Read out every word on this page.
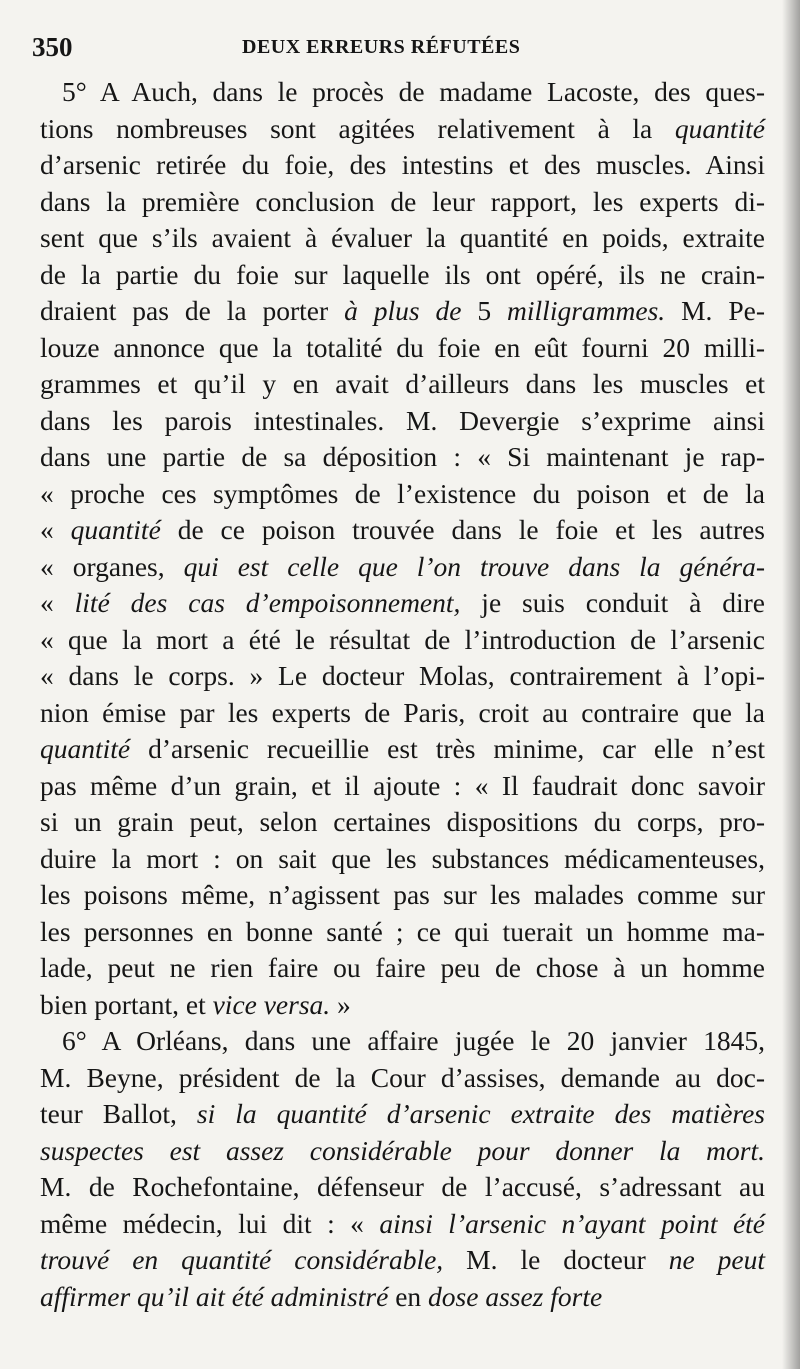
350	DEUX ERREURS RÉFUTÉES
5° A Auch, dans le procès de madame Lacoste, des ques-
tions nombreuses sont agitées relativement à la quantité
d’arsenic retirée du foie, des intestins et des muscles. Ainsi
dans la première conclusion de leur rapport, les experts di-
sent que s’ils avaient à évaluer la quantité en poids, extraite
de la partie du foie sur laquelle ils ont opéré, ils ne crain-
draient pas de la porter à plus de 5 milligrammes. M. Pe-
louze annonce que la totalité du foie en eût fourni 20 milli-
grammes et qu’il y en avait d’ailleurs dans les muscles et
dans les parois intestinales. M. Devergie s’exprime ainsi
dans une partie de sa déposition : « Si maintenant je rap-
« proche ces symptômes de l’existence du poison et de la
« quantité de ce poison trouvée dans le foie et les autres
« organes, qui est celle que l’on trouve dans la généra-
« lité des cas d’empoisonnement, je suis conduit à dire
« que la mort a été le résultat de l’introduction de l’arsenic
« dans le corps. » Le docteur Molas, contrairement à l’opi-
nion émise par les experts de Paris, croit au contraire que la
quantité d’arsenic recueillie est très minime, car elle n’est
pas même d’un grain, et il ajoute : « Il faudrait donc savoir
si un grain peut, selon certaines dispositions du corps, pro-
duire la mort : on sait que les substances médicamenteuses,
les poisons même, n’agissent pas sur les malades comme sur
les personnes en bonne santé ; ce qui tuerait un homme ma-
lade, peut ne rien faire ou faire peu de chose à un homme
bien portant, et vice versa. »
6° A Orléans, dans une affaire jugée le 20 janvier 1845,
M. Beyne, président de la Cour d’assises, demande au doc-
teur Ballot, si la quantité d’arsenic extraite des matières
suspectes est assez considérable pour donner la mort.
M. de Rochefontaine, défenseur de l’accusé, s’adressant au
même médecin, lui dit : « ainsi l’arsenic n’ayant point été
trouvé en quantité considérable, M. le docteur ne peut
affirmer qu’il ait été administré en dose assez forte
